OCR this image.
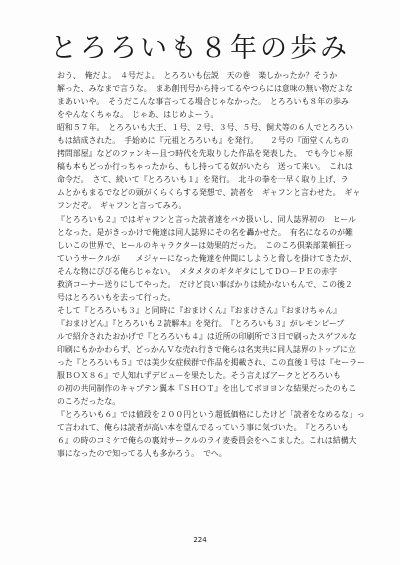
とろろいも８年の歩み

おう、　俺だよ。　４号だよ。　とろろいも伝説　天の巻　楽しかったか？そうか
解った、みなまで言うな。　まあ創刊号から持ってるやつらには意味の無い物だよな
まあいいや。　そうだこんな事言ってる場合じゃなかった。　とろろいも８年の歩み
をやんなくちゃな。　じゃあ、はじめよーう。

昭和５７年。　とろろいも大王、１号、２号、３号、５号、飼犬等の６人でとろろい
もは結成された。　手始めに『元祖とろろいも』を発行。　　２号の『面堂くんちの
拷問部屋』などのファンキー且つ時代を先取りした作品を発表した。　でも今じゃ原
稿も本もどっか行っちゃったから、もし持ってる奴がいたら　送って来い。　これは
命令だ。　さて、続いて『とろろいも１』を発行。　北斗の拳を一早く取り上げ、ラ
ムとかもまるでなどの頭がくらくらする発想で、読者を　ギャフンと言わせた。　ギャ
フンだぞ。　ギャフンと言ってみろ。

『とろろいも２』ではギャフンと言った読者達をバカ扱いし、同人誌界初の　ヒール
となった。是がきっかけで俺達は同人誌界にその名を轟かせた。　有名になるのが難
しいこの世界で、ヒールのキャラクターは効果的だった。　このころ倶楽部業頓狂っ
ていうサークルが　　メジャーになった俺達を仲間にしようと脅しを掛けてきたが、
そんな物にびびる俺らじゃない。　メタメタのギタギタにしてＤＯ－ＰＥの赤字
救済コーナー送りにしてやった。　だけど良い事ばかりは続かないもんで、この後２
号はとろろいもを去って行った。

そして『とろろいも３』と同時に『おまけくん』『おまけさん』『おまけちゃん』
『おまけどん』『とろろいも２読解本』を発行。　『とろろいも３』がレモンピープ
ルで紹介されたおかげで『とろろいも４』は近所の印刷所で３日で刷ったスゲフルな
印刷にもかかわらず、どっかんＶな売れ行きで俺らは名実共に同人誌界のトップに立
った『とろろいも５』では美少女症候群で作品を掲載され、この直後１号は『セーラー
服ＢＯＸ８６』で人知れずデビューを果たした。そう言えばアークとどろろいも
の初の共同制作のキャプテン翼本『ＳＨＯＴ』を出してボヨヨンな結果だったのもこ
のころだったな。

『とろろいも６』では値段を２００円という超低価格にしたけど「読者をなめるな」っ
て言われて、俺らは読者が高い本を望んでるっていう事に気づいた。　『とろろいも
６』の時のコミケで俺らの裏対サークルのライ麦委員会をへこました。これは結構大
事になったので知ってる人も多かろう。　でへ。

224
